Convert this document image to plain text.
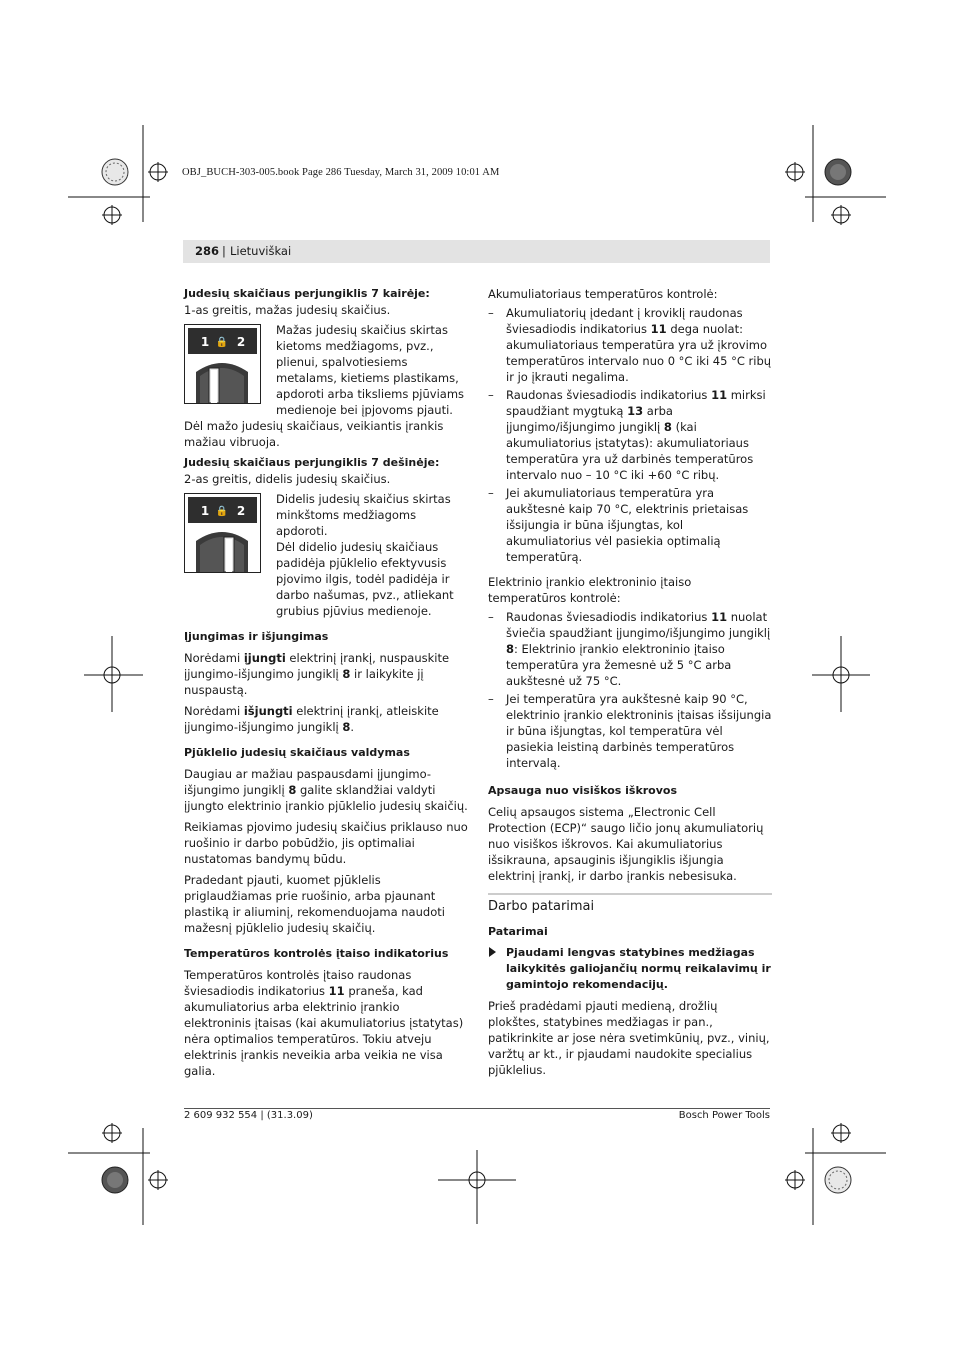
OBJ_BUCH-303-005.book Page 286 Tuesday, March 31, 2009 10:01 AM
286 | Lietuviškai

Judesių skaičiaus perjungiklis 7 kairėje:

1-as greitis, mažas judesių skaičius.

1 🔒 2
Mažas judesių skaičius skirtas kietoms medžiagoms, pvz., plienui, spalvotiesiems metalams, kietiems plastikams, apdoroti arba tiksliems pjūviams medienoje bei įpjovoms pjauti.

Dėl mažo judesių skaičiaus, veikiantis įrankis mažiau vibruoja.

Judesių skaičiaus perjungiklis 7 dešinėje:

2-as greitis, didelis judesių skaičius.

1 🔒 2
Didelis judesių skaičius skirtas minkštoms medžiagoms apdoroti.
Dėl didelio judesių skaičiaus padidėja pjūklelio efektyvusis pjovimo ilgis, todėl padidėja ir darbo našumas, pvz., atliekant grubius pjūvius medienoje.

Įjungimas ir išjungimas

Norėdami įjungti elektrinį įrankį, nuspauskite įjungimo-išjungimo jungiklį 8 ir laikykite jį nuspaustą.

Norėdami išjungti elektrinį įrankį, atleiskite įjungimo-išjungimo jungiklį 8.

Pjūklelio judesių skaičiaus valdymas

Daugiau ar mažiau paspausdami įjungimo-išjungimo jungiklį 8 galite sklandžiai valdyti įjungto elektrinio įrankio pjūklelio judesių skaičių.

Reikiamas pjovimo judesių skaičius priklauso nuo ruošinio ir darbo pobūdžio, jis optimaliai nustatomas bandymų būdu.

Pradedant pjauti, kuomet pjūklelis priglaudžiamas prie ruošinio, arba pjaunant plastiką ir aliuminį, rekomenduojama naudoti mažesnį pjūklelio judesių skaičių.

Temperatūros kontrolės įtaiso indikatorius

Temperatūros kontrolės įtaiso raudonas šviesadiodis indikatorius 11 praneša, kad akumuliatorius arba elektrinio įrankio elektroninis įtaisas (kai akumuliatorius įstatytas) nėra optimalios temperatūros. Tokiu atveju elektrinis įrankis neveikia arba veikia ne visa galia.

Akumuliatoriaus temperatūros kontrolė:

– Akumuliatorių įdedant į kroviklį raudonas šviesadiodis indikatorius 11 dega nuolat: akumuliatoriaus temperatūra yra už įkrovimo temperatūros intervalo nuo 0 °C iki 45 °C ribų ir jo įkrauti negalima.
– Raudonas šviesadiodis indikatorius 11 mirksi spaudžiant mygtuką 13 arba įjungimo/išjungimo jungiklį 8 (kai akumuliatorius įstatytas): akumuliatoriaus temperatūra yra už darbinės temperatūros intervalo nuo – 10 °C iki +60 °C ribų.
– Jei akumuliatoriaus temperatūra yra aukštesnė kaip 70 °C, elektrinis prietaisas išsijungia ir būna išjungtas, kol akumuliatorius vėl pasiekia optimalią temperatūrą.

Elektrinio įrankio elektroninio įtaiso temperatūros kontrolė:

– Raudonas šviesadiodis indikatorius 11 nuolat šviečia spaudžiant įjungimo/išjungimo jungiklį 8: Elektrinio įrankio elektroninio įtaiso temperatūra yra žemesnė už 5 °C arba aukštesnė už 75 °C.
– Jei temperatūra yra aukštesnė kaip 90 °C, elektrinio įrankio elektroninis įtaisas išsijungia ir būna išjungtas, kol temperatūra vėl pasiekia leistiną darbinės temperatūros intervalą.

Apsauga nuo visiškos iškrovos

Celių apsaugos sistema „Electronic Cell Protection (ECP)“ saugo ličio jonų akumuliatorių nuo visiškos iškrovos. Kai akumuliatorius išsikrauna, apsauginis išjungiklis išjungia elektrinį įrankį, ir darbo įrankis nebesisuka.

Darbo patarimai

Patarimai

Pjaudami lengvas statybines medžiagas laikykitės galiojančių normų reikalavimų ir gamintojo rekomendacijų.

Prieš pradėdami pjauti medieną, drožlių plokštes, statybines medžiagas ir pan., patikrinkite ar jose nėra svetimkūnių, pvz., vinių, varžtų ar kt., ir pjaudami naudokite specialius pjūklelius.

2 609 932 554 | (31.3.09)	Bosch Power Tools
